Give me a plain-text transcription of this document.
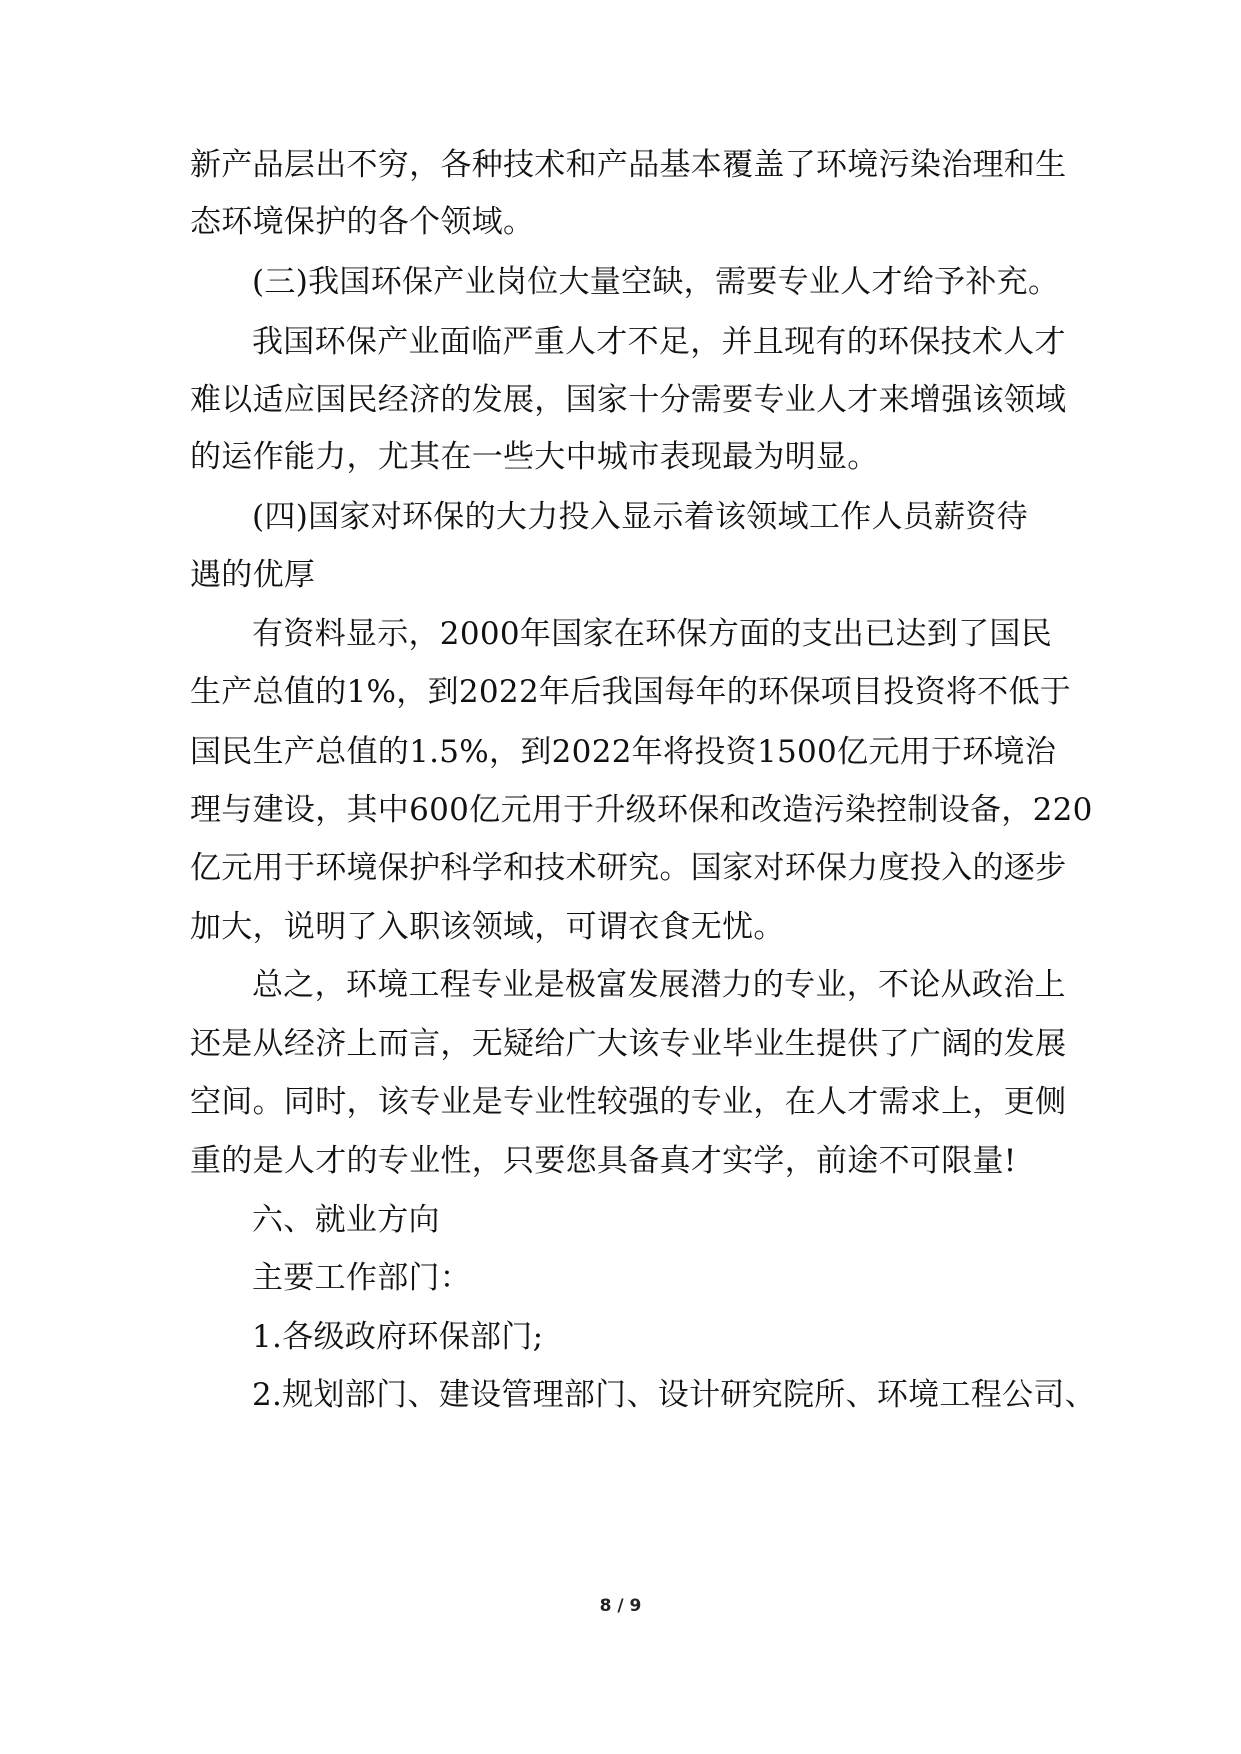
新产品层出不穷，各种技术和产品基本覆盖了环境污染治理和生
态环境保护的各个领域。
(三)我国环保产业岗位大量空缺，需要专业人才给予补充。
我国环保产业面临严重人才不足，并且现有的环保技术人才
难以适应国民经济的发展，国家十分需要专业人才来增强该领域
的运作能力，尤其在一些大中城市表现最为明显。
(四)国家对环保的大力投入显示着该领域工作人员薪资待
遇的优厚
有资料显示，2000年国家在环保方面的支出已达到了国民
生产总值的1%，到2022年后我国每年的环保项目投资将不低于
国民生产总值的1.5%，到2022年将投资1500亿元用于环境治
理与建设，其中600亿元用于升级环保和改造污染控制设备，220
亿元用于环境保护科学和技术研究。国家对环保力度投入的逐步
加大，说明了入职该领域，可谓衣食无忧。
总之，环境工程专业是极富发展潜力的专业，不论从政治上
还是从经济上而言，无疑给广大该专业毕业生提供了广阔的发展
空间。同时，该专业是专业性较强的专业，在人才需求上，更侧
重的是人才的专业性，只要您具备真才实学，前途不可限量!
六、就业方向
主要工作部门：
1.各级政府环保部门;
2.规划部门、建设管理部门、设计研究院所、环境工程公司、
8 / 9
